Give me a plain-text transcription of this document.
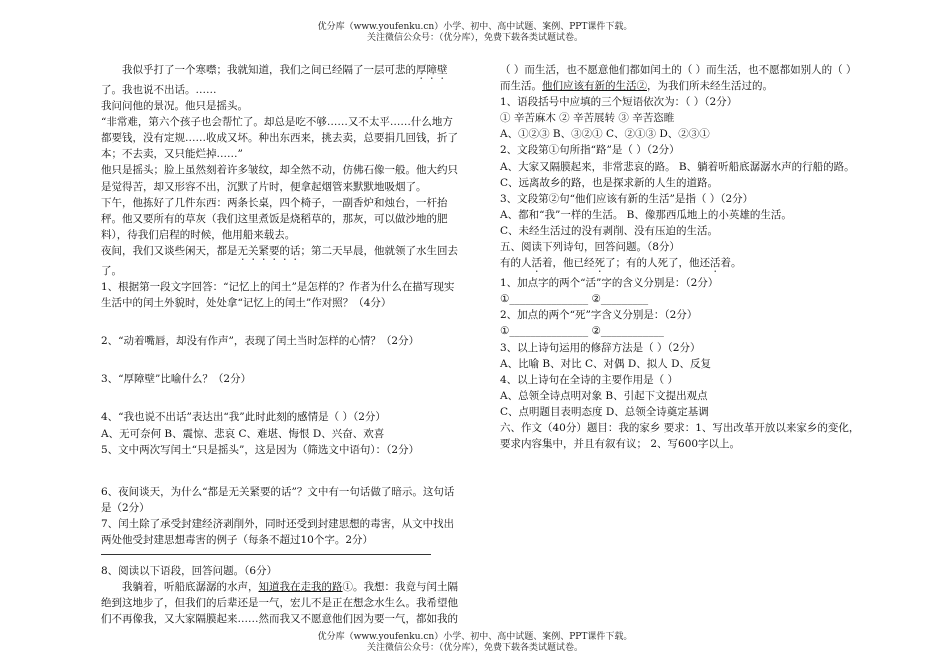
优分库（www.youfenku.cn）小学、初中、高中试题、案例、PPT课件下载。
关注微信公众号：（优分库），免费下载各类试题试卷。

我似乎打了一个寒噤；我就知道，我们之间已经隔了一层可悲的厚障壁了。我也说不出话。……

我问问他的景况。他只是摇头。

“非常难，第六个孩子也会帮忙了。却总是吃不够……又不太平……什么地方都要钱，没有定规……收成又坏。种出东西来，挑去卖，总要捐几回钱，折了本；不去卖，又只能烂掉……”

他只是摇头；脸上虽然刻着许多皱纹，却全然不动，仿佛石像一般。他大约只是觉得苦，却又形容不出，沉默了片时，便拿起烟管来默默地吸烟了。

下午，他拣好了几件东西：两条长桌，四个椅子，一副香炉和烛台，一杆抬秤。他又要所有的草灰（我们这里煮饭是烧稻草的，那灰，可以做沙地的肥料），待我们启程的时候，他用船来载去。

夜间，我们又谈些闲天，都是无关紧要的话；第二天早晨，他就领了水生回去了。

1、根据第一段文字回答：“记忆上的闰土”是怎样的？作者为什么在描写现实生活中的闰土外貌时，处处拿“记忆上的闰土”作对照？（4分）

2、“动着嘴唇，却没有作声”，表现了闰土当时怎样的心情？（2分）

3、“厚障壁”比喻什么？（2分）

4、“我也说不出话”表达出“我”此时此刻的感情是（ ）（2分）

A、无可奈何 B、震惊、悲哀 C、难堪、悔恨 D、兴奋、欢喜

5、文中两次写闰土“只是摇头”，这是因为（筛选文中语句）：（2分）

6、夜间谈天，为什么“都是无关紧要的话”？文中有一句话做了暗示。这句话是（2分）

7、闰土除了承受封建经济剥削外，同时还受到封建思想的毒害，从文中找出两处他受封建思想毒害的例子（每条不超过10个字。2分）

8、阅读以下语段，回答问题。（6分）

我躺着，听船底潺潺的水声，知道我在走我的路①。我想：我竟与闰土隔绝到这地步了，但我们的后辈还是一气，宏儿不是正在想念水生么。我希望他们不再像我，又大家隔膜起来……然而我又不愿意他们因为要一气，都如我的

（ ）而生活，也不愿意他们都如闰土的（ ）而生活，也不愿都如别人的（ ）而生活。他们应该有新的生活②，为我们所未经生活过的。

1、语段括号中应填的三个短语依次为：（ ）（2分）

① 辛苦麻木 ② 辛苦展转 ③ 辛苦恣睢

A、①②③ B、③②① C、②①③ D、②③①

2、文段第①句所指“路”是（ ）（2分）

A、大家又隔膜起来，非常悲哀的路。 B、躺着听船底潺潺水声的行船的路。

C、远离故乡的路，也是探求新的人生的道路。

3、文段第②句“他们应该有新的生活”是指（ ）（2分）

A、都和“我”一样的生活。 B、像那西瓜地上的小英雄的生活。

C、未经生活过的没有剥削、没有压迫的生活。

五、阅读下列诗句，回答问题。（8分）

有的人活着，他已经死了；有的人死了，他还活着。

1、加点字的两个“活”字的含义分别是：（2分）

①_______________ ②_________

2、加点的两个“死”字含义分别是：（2分）

①_______________ ②____________

3、以上诗句运用的修辞方法是（ ）（2分）

A、比喻 B、对比 C、对偶 D、拟人 D、反复

4、以上诗句在全诗的主要作用是（ ）

A、总领全诗点明对象 B、引起下文提出观点

C、点明题目表明态度 D、总领全诗奠定基调

六、作文（40分）题目：我的家乡 要求：1、写出改革开放以来家乡的变化，要求内容集中，并且有叙有议； 2、写600字以上。

优分库（www.youfenku.cn）小学、初中、高中试题、案例、PPT课件下载。
关注微信公众号：（优分库），免费下载各类试题试卷。
